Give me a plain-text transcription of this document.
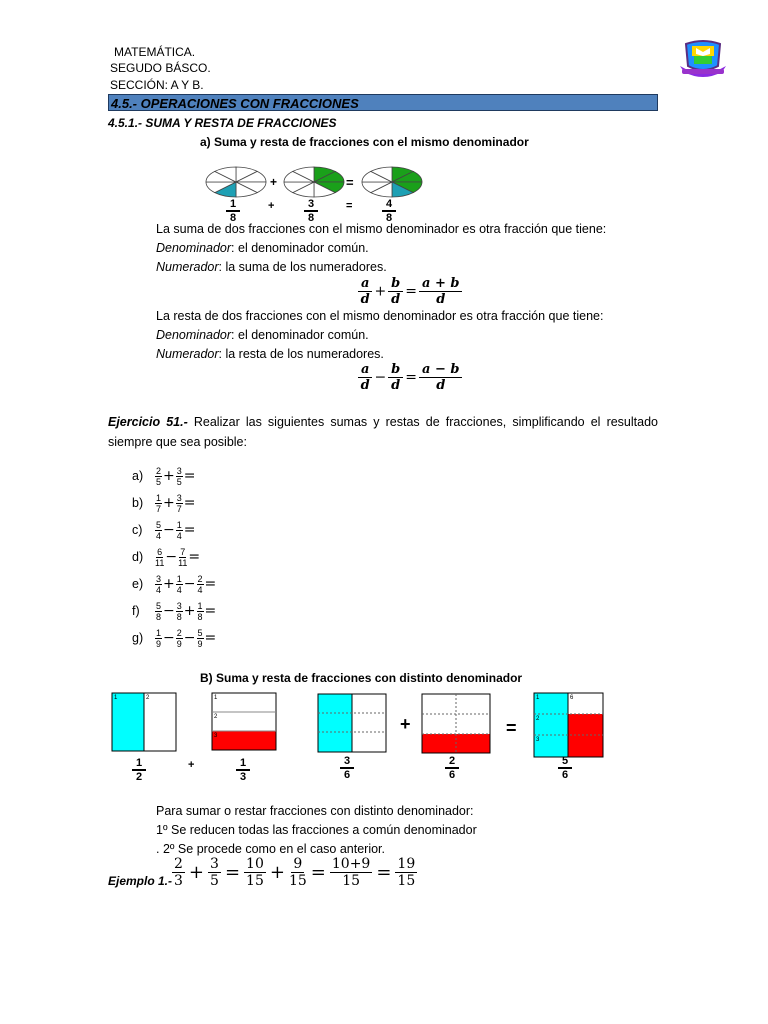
MATEMÁTICA.
SEGUDO BÁSCO.
SECCIÓN: A Y B.
4.5.- OPERACIONES CON FRACCIONES
4.5.1.- SUMA Y RESTA DE FRACCIONES
a) Suma y resta de fracciones con el mismo denominador
+	=
1
8
+	3
8
=	4
8
La suma de dos fracciones con el mismo denominador es otra fracción que tiene:
Denominador: el denominador común.
Numerador: la suma de los numeradores.
$\frac{a}{d} + \frac{b}{d} = \frac{a + b}{d}$
La resta de dos fracciones con el mismo denominador es otra fracción que tiene:
Denominador: el denominador común.
Numerador: la resta de los numeradores.
$\frac{a}{d} - \frac{b}{d} = \frac{a - b}{d}$
Ejercicio 51.- Realizar las siguientes sumas y restas de fracciones, simplificando el resultado siempre que sea posible:
a)	$\frac{2}{5} + \frac{3}{5}$ =
b)	$\frac{1}{7} + \frac{3}{7}$ =
c)	$\frac{5}{4} - \frac{1}{4}$ =
d)	$\frac{6}{11} - \frac{7}{11}$ =
e)	$\frac{3}{4} + \frac{1}{4} - \frac{2}{4}$ =
f)	$\frac{5}{8} - \frac{3}{8} + \frac{1}{8}$ =
g)	$\frac{1}{9} - \frac{2}{9} - \frac{5}{9}$ =
B) Suma y resta de fracciones con distinto denominador
1	2	1
2
3
+	=
1
2
3
6
1
2
+	1
3
3
6
2
6
5
6
Para sumar o restar fracciones con distinto denominador:
1º Se reducen todas las fracciones a común denominador
. 2º Se procede como en el caso anterior.
Ejemplo 1.-
2
$3 + \frac{3}{5} = \frac{10}{15} + \frac{9}{15} = \frac{10+9}{15} = \frac{19}{15}$
